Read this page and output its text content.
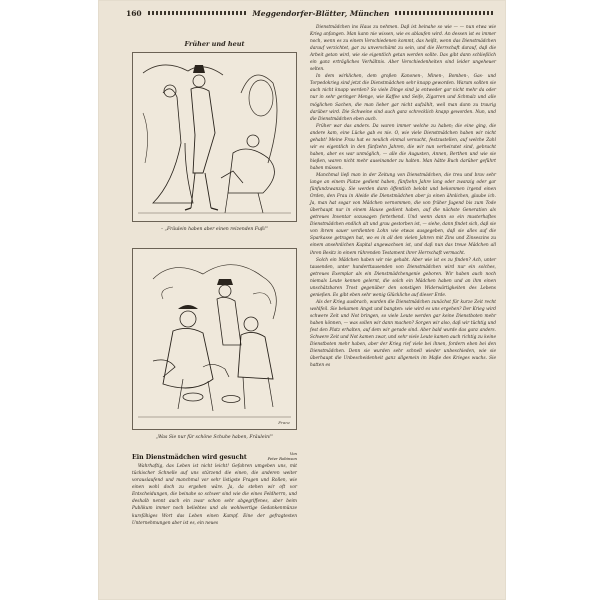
160	Meggendorfer-Blätter, München
Früher und heut
– „Fräulein haben aber einen reizenden Fuß!“
Franz
„Was Sie nur für schöne Schuhe haben, Fräulein!“
Ein Dienstmädchen wird gesucht
Von
Peter Robinson

Wahrhaftig, das Leben ist nicht leicht! Gefahren umgeben uns, mit tückischer Schnelle auf uns stürzend die einen, die anderen weiter vorauslaufend und manchmal vor sehr listigste Fragen und Rollen, wie einen wohl doch zu ergeben wäre. Ja, da stehen wir oft vor Entscheidungen, die beinahe so schwer sind wie die eines Feldherrn, und deshalb nennt auch ein zwar schon sehr abgegriffenes, aber beim Publikum immer noch beliebtes und als wohlwertige Gedankenmünze kursfähiges Wort das Leben einen Kampf. Eine der gefragtesten Unternehmungen aber ist es, ein neues

Dienstmädchen ins Haus zu nehmen. Daß ist beinahe so wie — — nun etwa wie Krieg anfangen. Man kann nie wissen, wie es ablaufen wird. An dessen ist es immer noch, wenn es zu einem Verschiedenen kommt, das heißt, wenn das Dienstmädchen darauf verzichtet, gar zu unverschämt zu sein, und die Herrschaft darauf, daß die Arbeit getan wird, wie sie eigentlich getan werden sollte. Das gibt dann schließlich ein ganz erträgliches Verhältnis. Aber Verschiedenheiten sind leider ungeheuer selten.

In dem wirklichen, dem großen Kanonen-, Minen-, Bomben-, Gas- und Torpedokrieg sind jetzt die Dienstmädchen sehr knapp geworden. Warum sollten sie auch nicht knapp werden? So viele Dinge sind ja entweder gar nicht mehr da oder nur in sehr geringer Menge, wie Kaffee und Seife, Zigarren und Schmalz und alle möglichen Sachen, die man lieber gar nicht aufzählt, weil man dann zu traurig darüber wird. Die Schweine sind auch ganz schrecklich knapp geworden. Nun, und die Dienstmädchen eben auch.

Früher war das anders. Da waren immer welche zu haben; die eine ging, die andere kam, eine Lücke gab es nie. O, wie viele Dienstmädchen haben wir nicht gehabt! Meine Frau hat es neulich einmal versucht, festzustellen, auf welche Zahl wir es eigentlich in den fünfzehn Jahren, die wir nun verheiratet sind, gebracht haben, aber es war unmöglich, — alle die Augusten, Annen, Berthen und wie sie hießen, waren nicht mehr auseinander zu halten. Man hätte Buch darüber geführt haben müssen.

Manchmal ließ man in der Zeitung von Dienstmädchen, die treu und brav sehr lange an einem Platze gedient haben, fünfzehn Jahre lang oder zwanzig oder gar fünfundzwanzig. Sie werden dann öffentlich belobt und bekommen irgend einen Orden, den Frau in Aleide die Dienstmädchen aber ja einen ähnlichen, glaube ich. Ja, man hat sogar von Mädchen vernommen, die von früher Jugend bis zum Tode überhaupt nur in einem Hause gedient haben, auf die nächste Generation als getreues Inventar sozusagen forterbend. Und wenn dann so ein musterhaftes Dienstmädchen endlich alt und grau gestorben ist, — siehe, dann findet sich, daß sie von ihrem sauer verdienten Lohn wie etwas ausgegeben, daß sie alles auf die Sparkasse getragen hat, wo es in all den vielen Jahren mit Zins und Zinseszins zu einem ansehnlichen Kapital angewachsen ist, und daß nun das treue Mädchen all ihren Besitz in einem rührenden Testament ihrer Herrschaft vermacht.

Solch ein Mädchen haben wir nie gehabt. Aber wie ist es zu finden? Ach, unter tausenden, unter hunderttausenden von Dienstmädchen wird nur ein solches, getreues Exemplar als ein Dienstmädchengenie geboren. Wir haben auch noch niemals Leute kennen gelernt, die solch ein Mädchen haben und an ihm einen unschätzbaren Trost gegenüber den sonstigen Widerwärtigkeiten des Lebens genießen. Es gibt eben sehr wenig Glückliche auf dieser Erde.

Als der Krieg ausbrach, wurden die Dienstmädchen zunächst für kurze Zeit recht wohlfeil. Sie bekamen Angst und bangten: wie wird es uns ergehen? Der Krieg wird schwere Zeit und Not bringen, so viele Leute werden gar keine Dienstboten mehr haben können, — was sollen wir dann machen? Sorgen wir also, daß wir tüchtig und fest den Platz erhalten, auf dem wir gerade sind. Aber bald wurde das ganz anders. Schwere Zeit und Not kamen zwar, und sehr viele Leute kamen auch richtig zu keine Dienstboten mehr haben, aber der Krieg rief viele bei ihnen, fordern eben bei den Dienstmädchen. Denn sie wurden sehr schnell wieder unbeschieden, wie sie überhaupt die Unbescheidenheit ganz allgemein im Maße des Krieges wuchs. Sie hatten es
